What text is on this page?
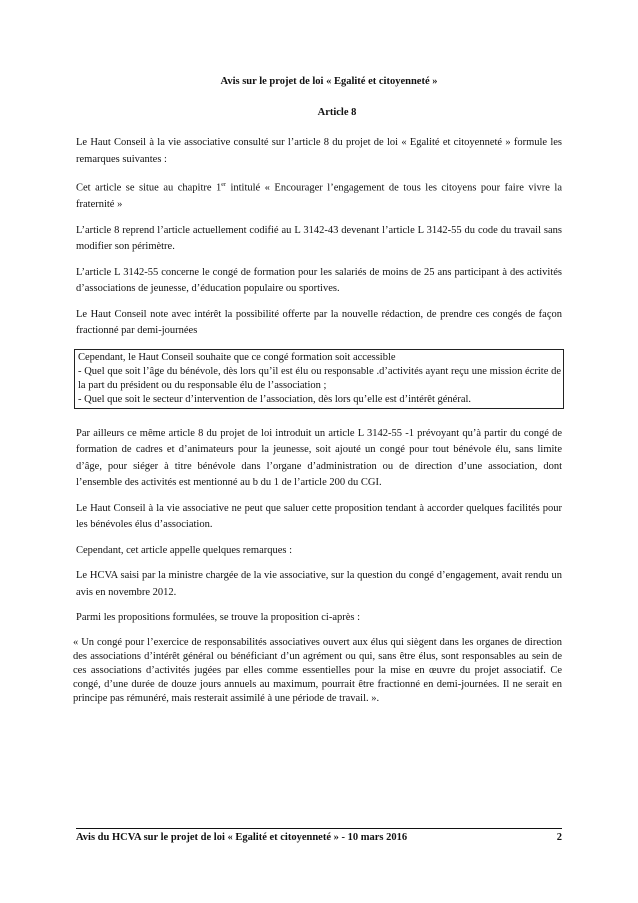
Avis sur le projet de loi « Egalité et citoyenneté »
Article 8

Le Haut Conseil à la vie associative consulté sur l’article 8 du projet de loi « Egalité et citoyenneté » formule les remarques suivantes :

Cet article se situe au chapitre 1er intitulé « Encourager l’engagement de tous les citoyens pour faire vivre la fraternité »

L’article 8 reprend l’article actuellement codifié au L 3142-43 devenant l’article L 3142-55 du code du travail sans modifier son périmètre.

L’article L 3142-55 concerne le congé de formation pour les salariés de moins de 25 ans participant à des activités d’associations de jeunesse, d’éducation populaire ou sportives.

Le Haut Conseil note avec intérêt la possibilité offerte par la nouvelle rédaction, de prendre ces congés de façon fractionné par demi-journées

Cependant, le Haut Conseil souhaite que ce congé formation soit accessible
- Quel que soit l’âge du bénévole, dès lors qu’il est élu ou responsable .d’activités ayant reçu une mission écrite de la part du président ou du responsable élu de l’association ;
- Quel que soit le secteur d’intervention de l’association, dès lors qu’elle est d’intérêt général.

Par ailleurs ce même article 8 du projet de loi introduit un article L 3142-55 -1 prévoyant qu’à partir du congé de formation de cadres et d’animateurs pour la jeunesse, soit ajouté un congé pour tout bénévole élu, sans limite d’âge, pour siéger à titre bénévole dans l’organe d’administration ou de direction d’une association, dont l’ensemble des activités est mentionné au b du 1 de l’article 200 du CGI.

Le Haut Conseil à la vie associative ne peut que saluer cette proposition tendant à accorder quelques facilités pour les bénévoles élus d’association.

Cependant, cet article appelle quelques remarques :

Le HCVA saisi par la ministre chargée de la vie associative, sur la question du congé d’engagement, avait rendu un avis en novembre 2012.

Parmi les propositions formulées, se trouve la proposition ci-après :

« Un congé pour l’exercice de responsabilités associatives ouvert aux élus qui siègent dans les organes de direction des associations d’intérêt général ou bénéficiant d’un agrément ou qui, sans être élus, sont responsables au sein de ces associations d’activités jugées par elles comme essentielles pour la mise en œuvre du projet associatif. Ce congé, d’une durée de douze jours annuels au maximum, pourrait être fractionné en demi-journées. Il ne serait en principe pas rémunéré, mais resterait assimilé à une période de travail. ».
Avis du HCVA sur le projet de loi « Egalité et citoyenneté » - 10 mars 2016	2
